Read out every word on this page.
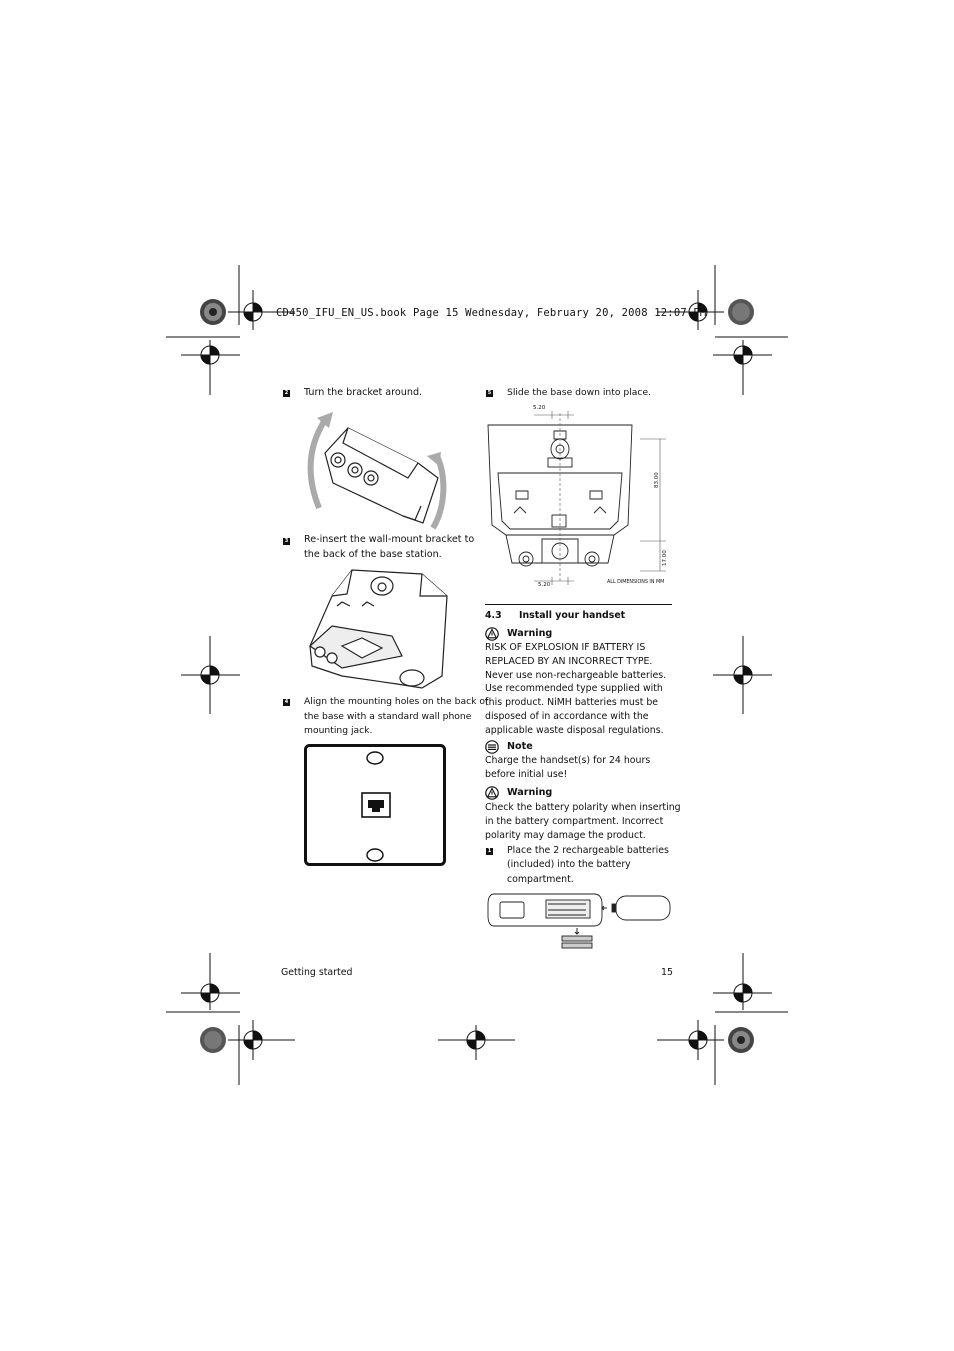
CD450_IFU_EN_US.book Page 15 Wednesday, February 20, 2008 12:07 PM
2 Turn the bracket around.
3 Re-insert the wall-mount bracket to
the back of the base station.
4 Align the mounting holes on the back of
the base with a standard wall phone
mounting jack.
5 Slide the base down into place.
5.20
5.20
83.00
17.00
ALL DIMENSIONS IN MM
4.3 Install your handset
Warning
RISK OF EXPLOSION IF BATTERY IS
REPLACED BY AN INCORRECT TYPE.
Never use non-rechargeable batteries.
Use recommended type supplied with
this product. NiMH batteries must be
disposed of in accordance with the
applicable waste disposal regulations.
Note
Charge the handset(s) for 24 hours
before initial use!
Warning
Check the battery polarity when inserting
in the battery compartment. Incorrect
polarity may damage the product.
1 Place the 2 rechargeable batteries
(included) into the battery
compartment.
Getting started	15
